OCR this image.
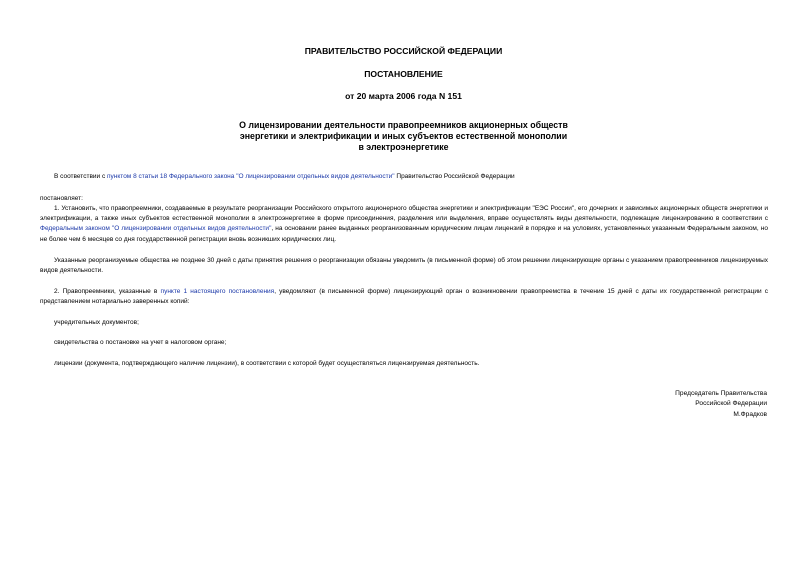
ПРАВИТЕЛЬСТВО РОССИЙСКОЙ ФЕДЕРАЦИИ
ПОСТАНОВЛЕНИЕ
от 20 марта 2006 года N 151
О лицензировании деятельности правопреемников акционерных обществ
энергетики и электрификации и иных субъектов естественной монополии
в электроэнергетике
В соответствии с пунктом 8 статьи 18 Федерального закона "О лицензировании отдельных видов деятельности" Правительство Российской Федерации
постановляет:
1. Установить, что правопреемники, создаваемые в результате реорганизации Российского открытого акционерного общества энергетики и электрификации "ЕЭС России", его дочерних и зависимых акционерных обществ энергетики и электрификации, а также иных субъектов естественной монополии в электроэнергетике в форме присоединения, разделения или выделения, вправе осуществлять виды деятельности, подлежащие лицензированию в соответствии с Федеральным законом "О лицензировании отдельных видов деятельности", на основании ранее выданных реорганизованным юридическим лицам лицензий в порядке и на условиях, установленных указанным Федеральным законом, но не более чем 6 месяцев со дня государственной регистрации вновь возникших юридических лиц.
Указанные реорганизуемые общества не позднее 30 дней с даты принятия решения о реорганизации обязаны уведомить (в письменной форме) об этом решении лицензирующие органы с указанием правопреемников лицензируемых видов деятельности.
2. Правопреемники, указанные в пункте 1 настоящего постановления, уведомляют (в письменной форме) лицензирующий орган о возникновении правопреемства в течение 15 дней с даты их государственной регистрации с представлением нотариально заверенных копий:
учредительных документов;
свидетельства о постановке на учет в налоговом органе;
лицензии (документа, подтверждающего наличие лицензии), в соответствии с которой будет осуществляться лицензируемая деятельность.
Председатель Правительства
Российской Федерации
М.Фрадков
